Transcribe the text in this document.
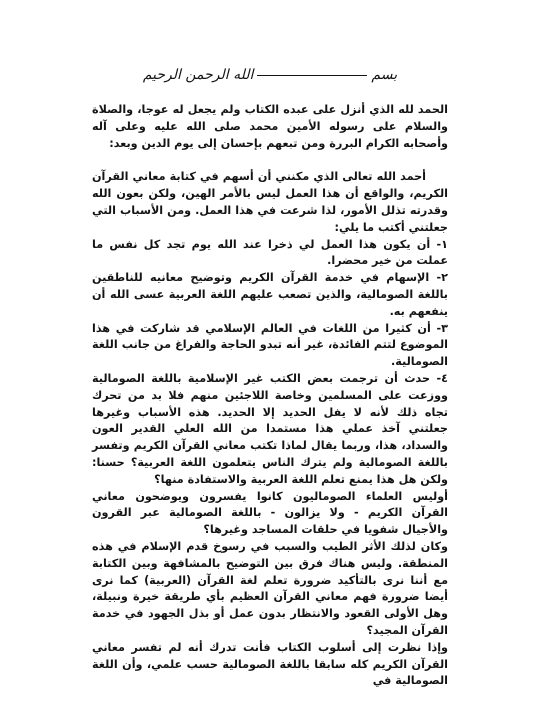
بسمالله الرحمن الرحيم

الحمد لله الذي أنزل على عبده الكتاب ولم يجعل له عوجا، والصلاة والسلام على رسوله الأمين محمد صلى الله عليه وعلى آله وأصحابه الكرام البررة ومن تبعهم بإحسان إلى يوم الدين وبعد:

أحمد الله تعالى الذي مكنني أن أسهم في كتابة معاني القرآن الكريم، والواقع أن هذا العمل ليس بالأمر الهين، ولكن بعون الله وقدرته تذلل الأمور، لذا شرعت في هذا العمل. ومن الأسباب التي جعلتني أكتب ما يلي:

١- أن يكون هذا العمل لي ذخرا عند الله يوم تجد كل نفس ما عملت من خير محضرا.

٢- الإسهام في خدمة القرآن الكريم وتوضيح معانيه للناطقين باللغة الصومالية، والذين تصعب عليهم اللغة العربية عسى الله أن ينفعهم به.

٣- أن كثيرا من اللغات في العالم الإسلامي قد شاركت في هذا الموضوع لتتم الفائدة، غير أنه تبدو الحاجة والفراغ من جانب اللغة الصومالية.

٤- حدث أن ترجمت بعض الكتب غير الإسلامية باللغة الصومالية ووزعت على المسلمين وخاصة اللاجئين منهم فلا بد من تحرك تجاه ذلك لأنه لا يفل الحديد إلا الحديد. هذه الأسباب وغيرها جعلتني آخذ عملي هذا مستمدا من الله العلي القدير العون والسداد، هذا، وربما يقال لماذا تكتب معاني القرآن الكريم وتفسر باللغة الصومالية ولم يترك الناس يتعلمون اللغة العربية؟ حسنا: ولكن هل هذا يمنع تعلم اللغة العربية والاستفادة منها؟

أوليس العلماء الصوماليون كانوا يفسرون ويوضحون معاني القرآن الكريم - ولا يزالون - باللغة الصومالية عبر القرون والأجيال شفويا في حلقات المساجد وغيرها؟

وكان لذلك الأثر الطيب والسبب في رسوخ قدم الإسلام في هذه المنطقة. وليس هناك فرق بين التوضيح بالمشافهة وبين الكتابة مع أننا نرى بالتأكيد ضرورة تعلم لغة القرآن (العربية) كما نرى أيضا ضرورة فهم معاني القرآن العظيم بأي طريقة خيرة ونبيلة، وهل الأولى القعود والانتظار بدون عمل أو بذل الجهود في خدمة القرآن المجيد؟

وإذا نظرت إلى أسلوب الكتاب فأنت تدرك أنه لم تفسر معاني القرآن الكريم كله سابقا باللغة الصومالية حسب علمي، وأن اللغة الصومالية في
